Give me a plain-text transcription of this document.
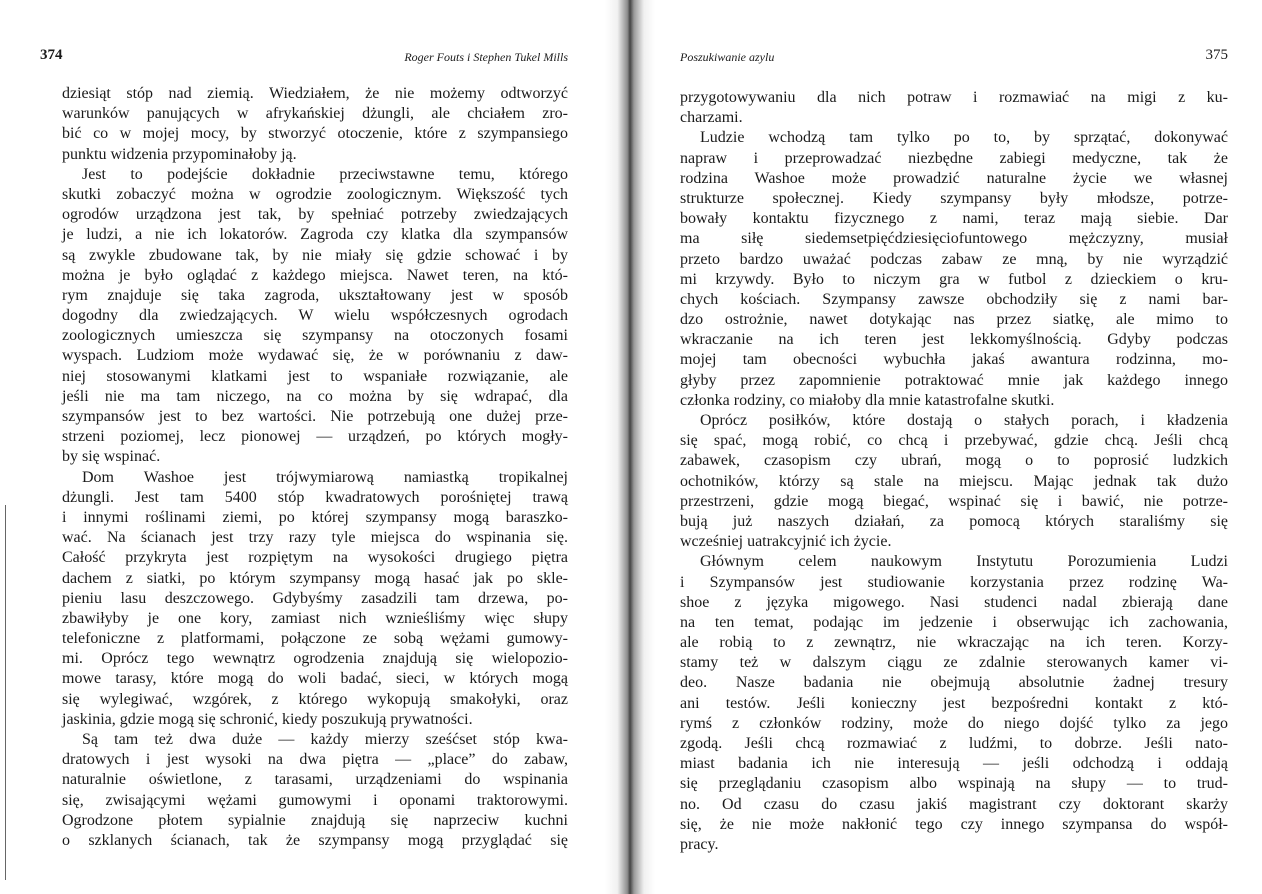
374	Roger Fouts i Stephen Tukel Mills
dziesiąt stóp nad ziemią. Wiedziałem, że nie możemy odtworzyć
warunków panujących w afrykańskiej dżungli, ale chciałem zro-
bić co w mojej mocy, by stworzyć otoczenie, które z szympansiego
punktu widzenia przypominałoby ją.
Jest to podejście dokładnie przeciwstawne temu, którego
skutki zobaczyć można w ogrodzie zoologicznym. Większość tych
ogrodów urządzona jest tak, by spełniać potrzeby zwiedzających
je ludzi, a nie ich lokatorów. Zagroda czy klatka dla szympansów
są zwykle zbudowane tak, by nie miały się gdzie schować i by
można je było oglądać z każdego miejsca. Nawet teren, na któ-
rym znajduje się taka zagroda, ukształtowany jest w sposób
dogodny dla zwiedzających. W wielu współczesnych ogrodach
zoologicznych umieszcza się szympansy na otoczonych fosami
wyspach. Ludziom może wydawać się, że w porównaniu z daw-
niej stosowanymi klatkami jest to wspaniałe rozwiązanie, ale
jeśli nie ma tam niczego, na co można by się wdrapać, dla
szympansów jest to bez wartości. Nie potrzebują one dużej prze-
strzeni poziomej, lecz pionowej — urządzeń, po których mogły-
by się wspinać.
Dom Washoe jest trójwymiarową namiastką tropikalnej
dżungli. Jest tam 5400 stóp kwadratowych porośniętej trawą
i innymi roślinami ziemi, po której szympansy mogą baraszko-
wać. Na ścianach jest trzy razy tyle miejsca do wspinania się.
Całość przykryta jest rozpiętym na wysokości drugiego piętra
dachem z siatki, po którym szympansy mogą hasać jak po skle-
pieniu lasu deszczowego. Gdybyśmy zasadzili tam drzewa, po-
zbawiłyby je one kory, zamiast nich wznieśliśmy więc słupy
telefoniczne z platformami, połączone ze sobą wężami gumowy-
mi. Oprócz tego wewnątrz ogrodzenia znajdują się wielopozio-
mowe tarasy, które mogą do woli badać, sieci, w których mogą
się wylegiwać, wzgórek, z którego wykopują smakołyki, oraz
jaskinia, gdzie mogą się schronić, kiedy poszukują prywatności.
Są tam też dwa duże — każdy mierzy sześćset stóp kwa-
dratowych i jest wysoki na dwa piętra — „place” do zabaw,
naturalnie oświetlone, z tarasami, urządzeniami do wspinania
się, zwisającymi wężami gumowymi i oponami traktorowymi.
Ogrodzone płotem sypialnie znajdują się naprzeciw kuchni
o szklanych ścianach, tak że szympansy mogą przyglądać się
Poszukiwanie azylu	375
przygotowywaniu dla nich potraw i rozmawiać na migi z ku-
charzami.
Ludzie wchodzą tam tylko po to, by sprzątać, dokonywać
napraw i przeprowadzać niezbędne zabiegi medyczne, tak że
rodzina Washoe może prowadzić naturalne życie we własnej
strukturze społecznej. Kiedy szympansy były młodsze, potrze-
bowały kontaktu fizycznego z nami, teraz mają siebie. Dar
ma siłę siedemsetpięćdziesięciofuntowego mężczyzny, musiał
przeto bardzo uważać podczas zabaw ze mną, by nie wyrządzić
mi krzywdy. Było to niczym gra w futbol z dzieckiem o kru-
chych kościach. Szympansy zawsze obchodziły się z nami bar-
dzo ostrożnie, nawet dotykając nas przez siatkę, ale mimo to
wkraczanie na ich teren jest lekkomyślnością. Gdyby podczas
mojej tam obecności wybuchła jakaś awantura rodzinna, mo-
głyby przez zapomnienie potraktować mnie jak każdego innego
członka rodziny, co miałoby dla mnie katastrofalne skutki.
Oprócz posiłków, które dostają o stałych porach, i kładzenia
się spać, mogą robić, co chcą i przebywać, gdzie chcą. Jeśli chcą
zabawek, czasopism czy ubrań, mogą o to poprosić ludzkich
ochotników, którzy są stale na miejscu. Mając jednak tak dużo
przestrzeni, gdzie mogą biegać, wspinać się i bawić, nie potrze-
bują już naszych działań, za pomocą których staraliśmy się
wcześniej uatrakcyjnić ich życie.
Głównym celem naukowym Instytutu Porozumienia Ludzi
i Szympansów jest studiowanie korzystania przez rodzinę Wa-
shoe z języka migowego. Nasi studenci nadal zbierają dane
na ten temat, podając im jedzenie i obserwując ich zachowania,
ale robią to z zewnątrz, nie wkraczając na ich teren. Korzy-
stamy też w dalszym ciągu ze zdalnie sterowanych kamer vi-
deo. Nasze badania nie obejmują absolutnie żadnej tresury
ani testów. Jeśli konieczny jest bezpośredni kontakt z któ-
rymś z członków rodziny, może do niego dojść tylko za jego
zgodą. Jeśli chcą rozmawiać z ludźmi, to dobrze. Jeśli nato-
miast badania ich nie interesują — jeśli odchodzą i oddają
się przeglądaniu czasopism albo wspinają na słupy — to trud-
no. Od czasu do czasu jakiś magistrant czy doktorant skarży
się, że nie może nakłonić tego czy innego szympansa do współ-
pracy.
